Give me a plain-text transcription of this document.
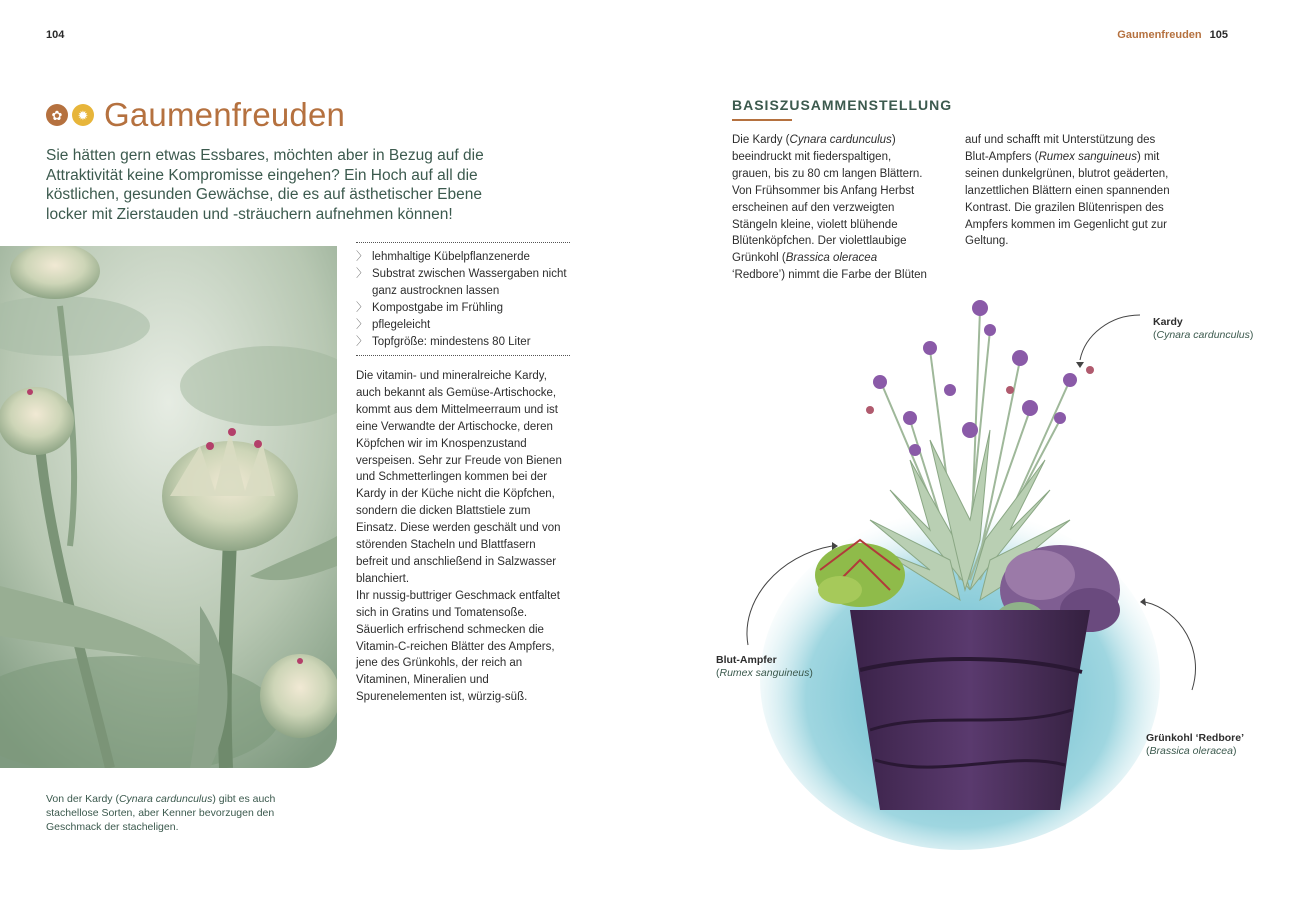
104
✿	✹ Gaumenfreuden
Sie hätten gern etwas Essbares, möchten aber in Bezug auf die Attraktivität keine Kompromisse eingehen? Ein Hoch auf all die köstlichen, gesunden Gewächse, die es auf ästhetischer Ebene locker mit Zierstauden und -sträuchern aufnehmen können!
〉 lehmhaltige Kübelpflanzenerde
〉 Substrat zwischen Wassergaben nicht ganz austrocknen lassen
〉 Kompostgabe im Frühling
〉 pflegeleicht
〉 Topfgröße: mindestens 80 Liter
Die vitamin- und mineralreiche Kardy, auch bekannt als Gemüse-Artischocke, kommt aus dem Mittelmeerraum und ist eine Verwandte der Artischocke, deren Köpfchen wir im Knospenzustand verspeisen. Sehr zur Freude von Bienen und Schmetterlingen kommen bei der Kardy in der Küche nicht die Köpfchen, sondern die dicken Blattstiele zum Einsatz. Diese werden geschält und von störenden Stacheln und Blattfasern befreit und anschließend in Salzwasser blanchiert.
Ihr nussig-buttriger Geschmack entfaltet sich in Gratins und Tomatensoße. Säuerlich erfrischend schmecken die Vitamin-C-reichen Blätter des Ampfers, jene des Grünkohls, der reich an Vitaminen, Mineralien und Spurenelementen ist, würzig-süß.
Von der Kardy (Cynara cardunculus) gibt es auch stachellose Sorten, aber Kenner bevorzugen den Geschmack der stacheligen.
Gaumenfreuden 105
BASISZUSAMMENSTELLUNG
Die Kardy (Cynara cardunculus) beeindruckt mit fiederspaltigen, grauen, bis zu 80 cm langen Blättern. Von Frühsommer bis Anfang Herbst erscheinen auf den verzweigten Stängeln kleine, violett blühende Blütenköpfchen. Der violettlaubige Grünkohl (Brassica oleracea ‘Redbore’) nimmt die Farbe der Blüten
auf und schafft mit Unterstützung des Blut-Ampfers (Rumex sanguineus) mit seinen dunkelgrünen, blutrot geäderten, lanzettlichen Blättern einen spannenden Kontrast. Die grazilen Blütenrispen des Ampfers kommen im Gegenlicht gut zur Geltung.
Kardy
(Cynara cardunculus)
Blut-Ampfer
(Rumex sanguineus)
Grünkohl ‘Redbore’
(Brassica oleracea)
